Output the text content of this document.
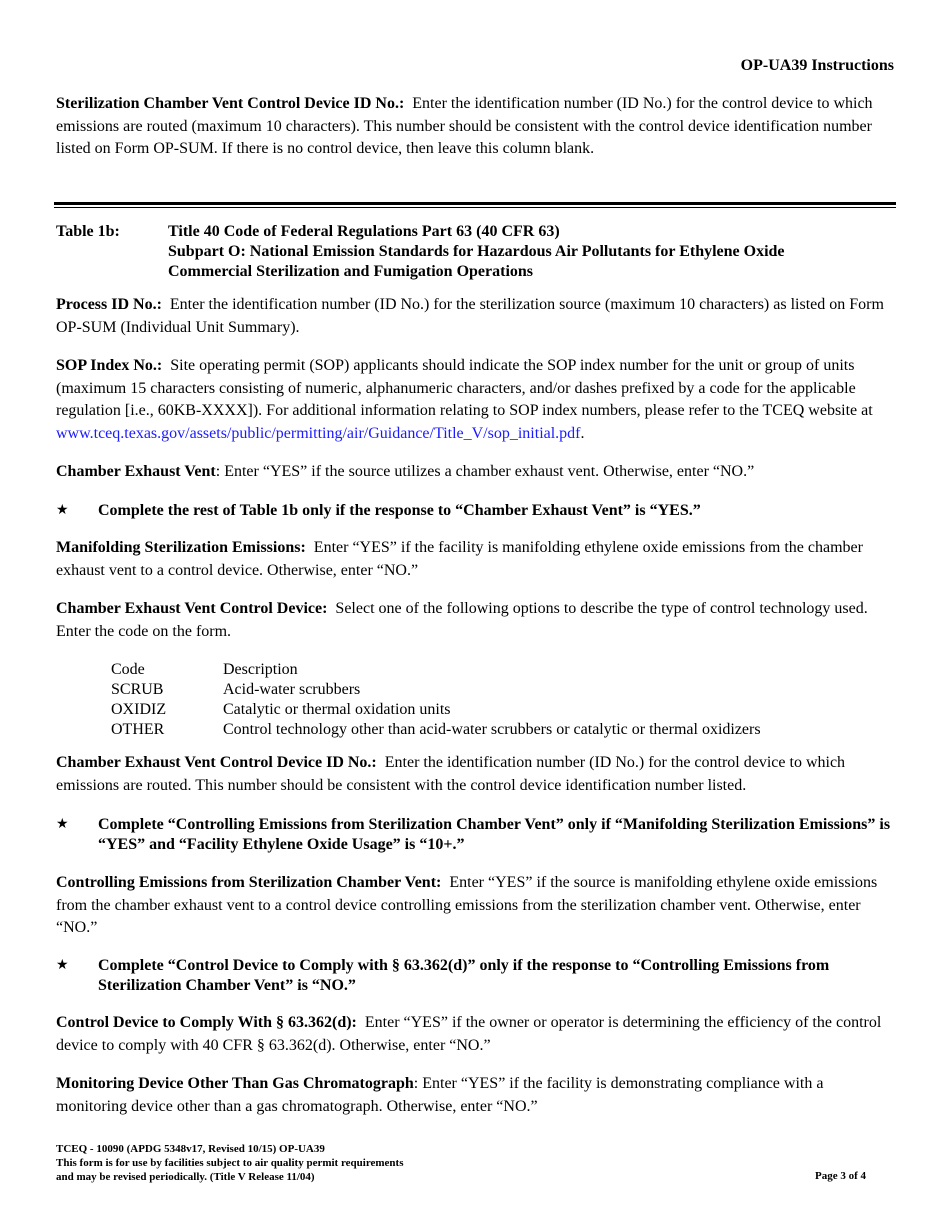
OP-UA39 Instructions
Sterilization Chamber Vent Control Device ID No.: Enter the identification number (ID No.) for the control device to which emissions are routed (maximum 10 characters). This number should be consistent with the control device identification number listed on Form OP-SUM. If there is no control device, then leave this column blank.
Table 1b:	Title 40 Code of Federal Regulations Part 63 (40 CFR 63)
Subpart O: National Emission Standards for Hazardous Air Pollutants for Ethylene Oxide
Commercial Sterilization and Fumigation Operations
Process ID No.: Enter the identification number (ID No.) for the sterilization source (maximum 10 characters) as listed on Form OP-SUM (Individual Unit Summary).
SOP Index No.: Site operating permit (SOP) applicants should indicate the SOP index number for the unit or group of units (maximum 15 characters consisting of numeric, alphanumeric characters, and/or dashes prefixed by a code for the applicable regulation [i.e., 60KB-XXXX]). For additional information relating to SOP index numbers, please refer to the TCEQ website at www.tceq.texas.gov/assets/public/permitting/air/Guidance/Title_V/sop_initial.pdf.
Chamber Exhaust Vent: Enter “YES” if the source utilizes a chamber exhaust vent. Otherwise, enter “NO.”
★ Complete the rest of Table 1b only if the response to “Chamber Exhaust Vent” is “YES.”
Manifolding Sterilization Emissions: Enter “YES” if the facility is manifolding ethylene oxide emissions from the chamber exhaust vent to a control device. Otherwise, enter “NO.”
Chamber Exhaust Vent Control Device: Select one of the following options to describe the type of control technology used. Enter the code on the form.
Code	Description
SCRUB	Acid-water scrubbers
OXIDIZ	Catalytic or thermal oxidation units
OTHER	Control technology other than acid-water scrubbers or catalytic or thermal oxidizers
Chamber Exhaust Vent Control Device ID No.: Enter the identification number (ID No.) for the control device to which emissions are routed. This number should be consistent with the control device identification number listed.
★ Complete “Controlling Emissions from Sterilization Chamber Vent” only if “Manifolding Sterilization Emissions” is “YES” and “Facility Ethylene Oxide Usage” is “10+.”
Controlling Emissions from Sterilization Chamber Vent: Enter “YES” if the source is manifolding ethylene oxide emissions from the chamber exhaust vent to a control device controlling emissions from the sterilization chamber vent. Otherwise, enter “NO.”
★ Complete “Control Device to Comply with § 63.362(d)” only if the response to “Controlling Emissions from Sterilization Chamber Vent” is “NO.”
Control Device to Comply With § 63.362(d): Enter “YES” if the owner or operator is determining the efficiency of the control device to comply with 40 CFR § 63.362(d). Otherwise, enter “NO.”
Monitoring Device Other Than Gas Chromatograph: Enter “YES” if the facility is demonstrating compliance with a monitoring device other than a gas chromatograph. Otherwise, enter “NO.”
TCEQ - 10090 (APDG 5348v17, Revised 10/15) OP-UA39
This form is for use by facilities subject to air quality permit requirements
and may be revised periodically. (Title V Release 11/04)	Page 3 of 4
